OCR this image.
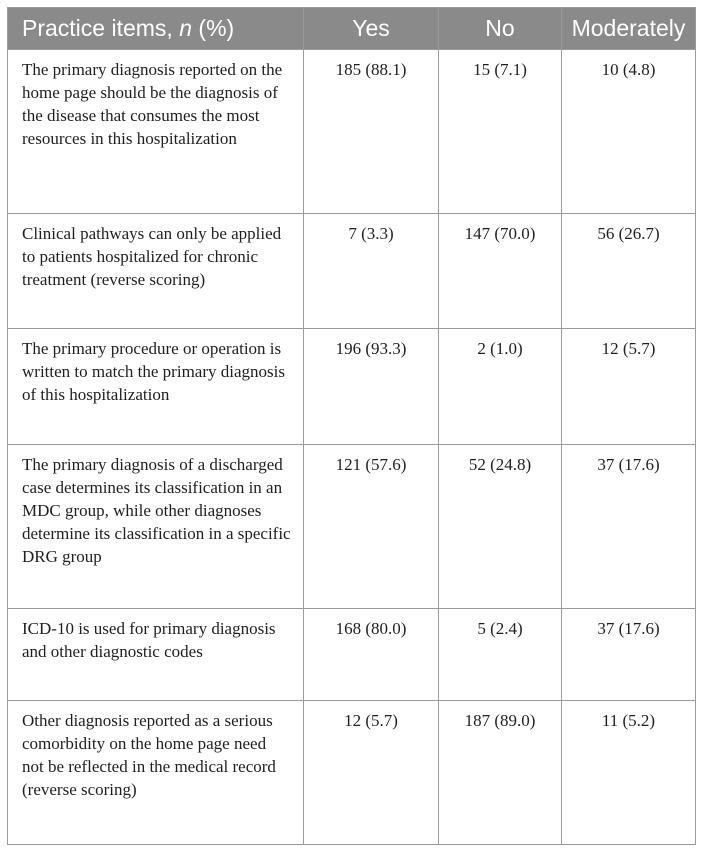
Practice items, n (%)	Yes	No	Moderately
The primary diagnosis reported on the home page should be the diagnosis of the disease that consumes the most resources in this hospitalization	185 (88.1)	15 (7.1)	10 (4.8)
Clinical pathways can only be applied to patients hospitalized for chronic treatment (reverse scoring)	7 (3.3)	147 (70.0)	56 (26.7)
The primary procedure or operation is written to match the primary diagnosis of this hospitalization	196 (93.3)	2 (1.0)	12 (5.7)
The primary diagnosis of a discharged case determines its classification in an MDC group, while other diagnoses determine its classification in a specific DRG group	121 (57.6)	52 (24.8)	37 (17.6)
ICD-10 is used for primary diagnosis and other diagnostic codes	168 (80.0)	5 (2.4)	37 (17.6)
Other diagnosis reported as a serious comorbidity on the home page need not be reflected in the medical record (reverse scoring)	12 (5.7)	187 (89.0)	11 (5.2)
